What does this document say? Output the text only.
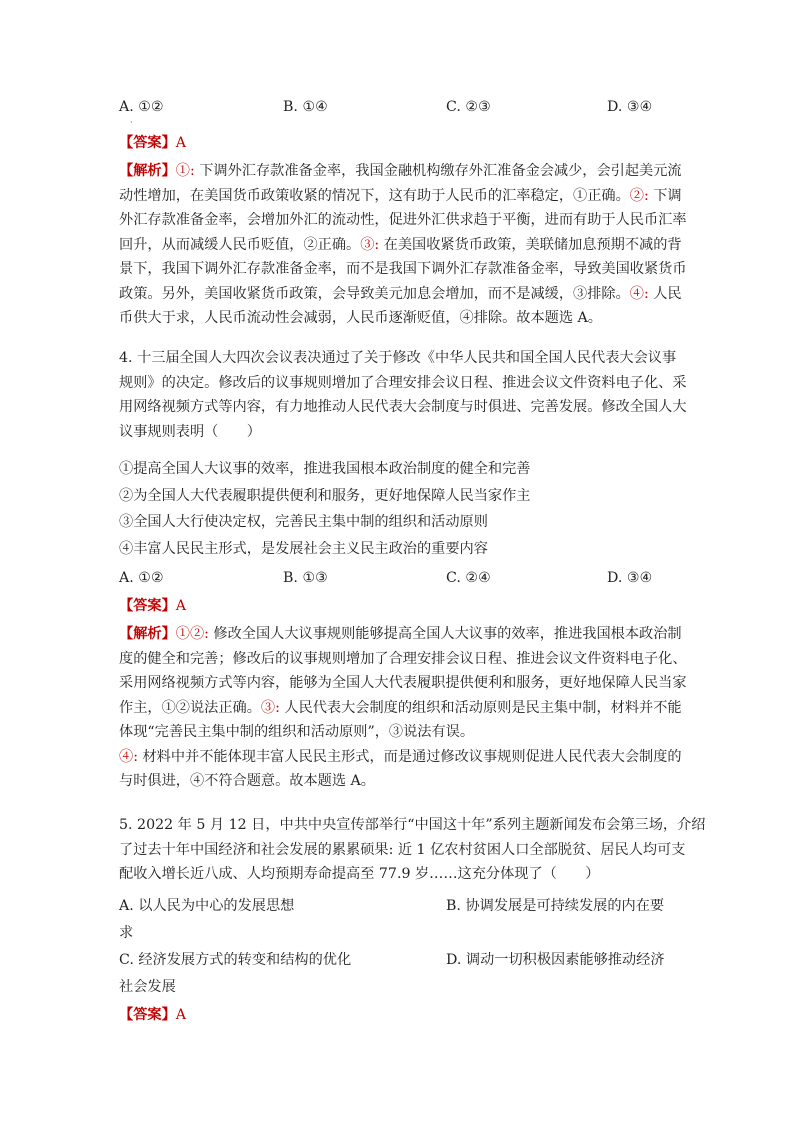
A. ①②	B. ①④	C. ②③	D. ③④
·
【答案】A
【解析】①: 下调外汇存款准备金率，我国金融机构缴存外汇准备金会减少，会引起美元流
动性增加，在美国货币政策收紧的情况下，这有助于人民币的汇率稳定，①正确。②: 下调
外汇存款准备金率，会增加外汇的流动性，促进外汇供求趋于平衡，进而有助于人民币汇率
回升，从而减缓人民币贬值，②正确。③: 在美国收紧货币政策，美联储加息预期不减的背
景下，我国下调外汇存款准备金率，而不是我国下调外汇存款准备金率，导致美国收紧货币
政策。另外，美国收紧货币政策，会导致美元加息会增加，而不是减缓，③排除。④: 人民
币供大于求，人民币流动性会减弱，人民币逐渐贬值，④排除。故本题选 A。
4. 十三届全国人大四次会议表决通过了关于修改《中华人民共和国全国人民代表大会议事
规则》的决定。修改后的议事规则增加了合理安排会议日程、推进会议文件资料电子化、采
用网络视频方式等内容，有力地推动人民代表大会制度与时俱进、完善发展。修改全国人大
议事规则表明（　　）
①提高全国人大议事的效率，推进我国根本政治制度的健全和完善
②为全国人大代表履职提供便利和服务，更好地保障人民当家作主
③全国人大行使决定权，完善民主集中制的组织和活动原则
④丰富人民民主形式，是发展社会主义民主政治的重要内容
A. ①②	B. ①③	C. ②④	D. ③④
【答案】A
【解析】①②: 修改全国人大议事规则能够提高全国人大议事的效率，推进我国根本政治制
度的健全和完善；修改后的议事规则增加了合理安排会议日程、推进会议文件资料电子化、
采用网络视频方式等内容，能够为全国人大代表履职提供便利和服务，更好地保障人民当家
作主，①②说法正确。③: 人民代表大会制度的组织和活动原则是民主集中制，材料并不能
体现“完善民主集中制的组织和活动原则”，③说法有误。
④: 材料中并不能体现丰富人民民主形式，而是通过修改议事规则促进人民代表大会制度的
与时俱进，④不符合题意。故本题选 A。
5. 2022 年 5 月 12 日，中共中央宣传部举行“中国这十年”系列主题新闻发布会第三场，介绍
了过去十年中国经济和社会发展的累累硕果: 近 1 亿农村贫困人口全部脱贫、居民人均可支
配收入增长近八成、人均预期寿命提高至 77.9 岁……这充分体现了（　　）
A. 以人民为中心的发展思想	B. 协调发展是可持续发展的内在要
求
C. 经济发展方式的转变和结构的优化	D. 调动一切积极因素能够推动经济
社会发展
【答案】A
